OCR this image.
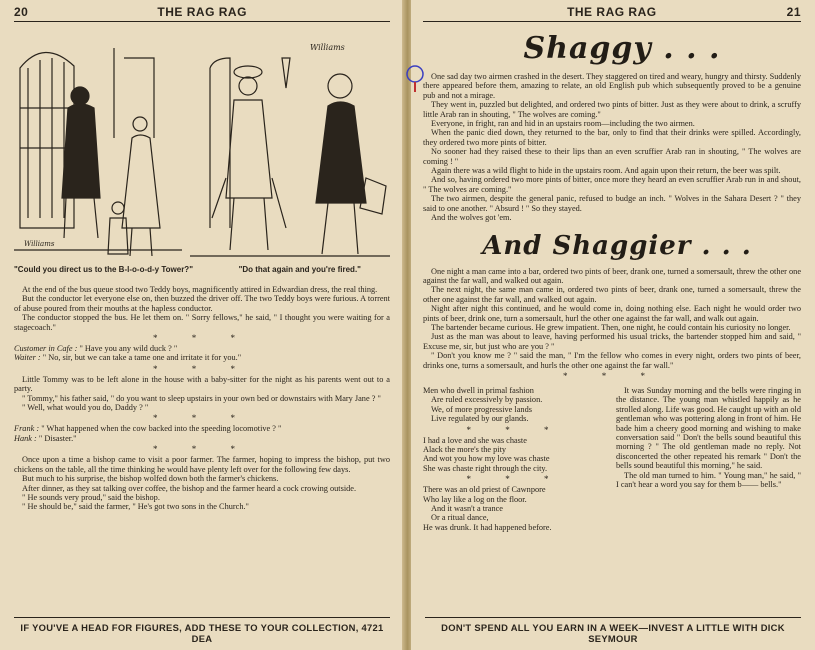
20	THE RAG RAG
Williams
Williams
"Could you direct us to the B-l-o-o-d-y Tower?"	"Do that again and you're fired."

At the end of the bus queue stood two Teddy boys, magnificently attired in Edwardian dress, the real thing.

But the conductor let everyone else on, then buzzed the driver off. The two Teddy boys were furious. A torrent of abuse poured from their mouths at the hapless conductor.

The conductor stopped the bus. He let them on. " Sorry fellows," he said, " I thought you were waiting for a stagecoach."

* * *

Customer in Cafe : " Have you any wild duck ? "

Waiter : " No, sir, but we can take a tame one and irritate it for you."

* * *

Little Tommy was to be left alone in the house with a baby-sitter for the night as his parents went out to a party.

" Tommy," his father said, " do you want to sleep upstairs in your own bed or downstairs with Mary Jane ? "

" Well, what would you do, Daddy ? "

* * *

Frank : " What happened when the cow backed into the speeding locomotive ? "

Hank : " Disaster."

* * *

Once upon a time a bishop came to visit a poor farmer. The farmer, hoping to impress the bishop, put two chickens on the table, all the time thinking he would have plenty left over for the following few days.

But much to his surprise, the bishop wolfed down both the farmer's chickens.

After dinner, as they sat talking over coffee, the bishop and the farmer heard a cock crowing outside.

" He sounds very proud," said the bishop.

" He should be," said the farmer, " He's got two sons in the Church."

IF YOU'VE A HEAD FOR FIGURES, ADD THESE TO YOUR COLLECTION, 4721 DEA
THE RAG RAG	21
Shaggy . . .

One sad day two airmen crashed in the desert. They staggered on tired and weary, hungry and thirsty. Suddenly there appeared before them, amazing to relate, an old English pub which subsequently proved to be a genuine pub and not a mirage.

They went in, puzzled but delighted, and ordered two pints of bitter. Just as they were about to drink, a scruffy little Arab ran in shouting, " The wolves are coming."

Everyone, in fright, ran and hid in an upstairs room—including the two airmen.

When the panic died down, they returned to the bar, only to find that their drinks were spilled. Accordingly, they ordered two more pints of bitter.

No sooner had they raised these to their lips than an even scruffier Arab ran in shouting, " The wolves are coming ! "

Again there was a wild flight to hide in the upstairs room. And again upon their return, the beer was spilt.

And so, having ordered two more pints of bitter, once more they heard an even scruffier Arab run in and shout, " The wolves are coming."

The two airmen, despite the general panic, refused to budge an inch. " Wolves in the Sahara Desert ? " they said to one another. " Absurd ! " So they stayed.

And the wolves got 'em.

And Shaggier . . .

One night a man came into a bar, ordered two pints of beer, drank one, turned a somersault, threw the other one against the far wall, and walked out again.

The next night, the same man came in, ordered two pints of beer, drank one, turned a somersault, threw the other one against the far wall, and walked out again.

Night after night this continued, and he would come in, doing nothing else. Each night he would order two pints of beer, drink one, turn a somersault, hurl the other one against the far wall, and walk out again.

The bartender became curious. He grew impatient. Then, one night, he could contain his curiosity no longer.

Just as the man was about to leave, having performed his usual tricks, the bartender stopped him and said, " Excuse me, sir, but just who are you ? "

" Don't you know me ? " said the man, " I'm the fellow who comes in every night, orders two pints of beer, drinks one, turns a somersault, and hurls the other one against the far wall."

* * *
Men who dwell in primal fashion
Are ruled excessively by passion.
We, of more progressive lands
Live regulated by our glands.
* * *
I had a love and she was chaste
Alack the more's the pity
And wot you how my love was chaste
She was chaste right through the city.
* * *
There was an old priest of Cawnpore
Who lay like a log on the floor.
And it wasn't a trance
Or a ritual dance,
He was drunk. It had happened before.

It was Sunday morning and the bells were ringing in the distance. The young man whistled happily as he strolled along. Life was good. He caught up with an old gentleman who was pottering along in front of him. He bade him a cheery good morning and wishing to make conversation said " Don't the bells sound beautiful this morning ? " The old gentleman made no reply. Not disconcerted the other repeated his remark " Don't the bells sound beautiful this morning," he said.

The old man turned to him. " Young man," he said, " I can't hear a word you say for them b—— bells."

DON'T SPEND ALL YOU EARN IN A WEEK—INVEST A LITTLE WITH DICK SEYMOUR
